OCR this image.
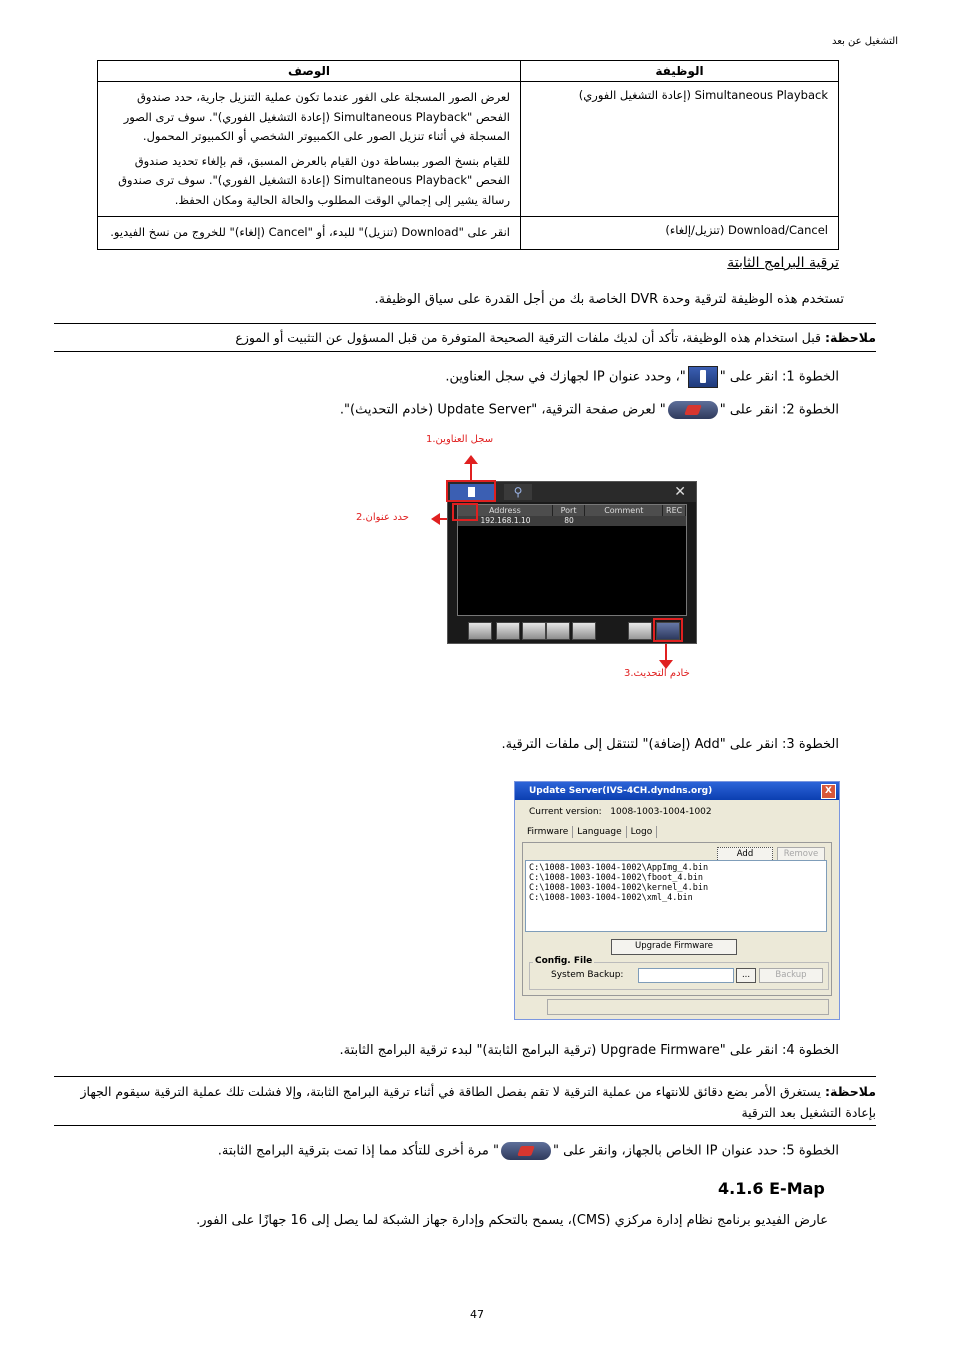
التشغيل عن بعد
الوظيفة	الوصف
Simultaneous Playback (إعادة التشغيل الفوري)	لعرض الصور المسجلة على الفور عندما تكون عملية التنزيل جارية، حدد صندوق الفحص "Simultaneous Playback (إعادة التشغيل الفوري)". سوف ترى الصور المسجلة في أثناء تنزيل الصور على الكمبيوتر الشخصي أو الكمبيوتر المحمول.

للقيام بنسخ الصور ببساطة دون القيام بالعرض المسبق، قم بإلغاء تحديد صندوق الفحص "Simultaneous Playback (إعادة التشغيل الفوري)". سوف ترى صندوق رسالة يشير إلى إجمالي الوقت المطلوب والحالة الحالية ومكان الحفظ.

Download/Cancel (تنزيل/إلغاء)	انقر على "Download (تنزيل)" للبدء، أو "Cancel (إلغاء)" للخروج من نسخ الفيديو.

ترقية البرامج الثابتة
تستخدم هذه الوظيفة لترقية وحدة DVR الخاصة بك من أجل القدرة على سياق الوظيفة.
ملاحظة: قبل استخدام هذه الوظيفة، تأكد أن لديك ملفات الترقية الصحيحة المتوفرة من قبل المسؤول عن التثبيت أو الموزع
الخطوة 1: انقر على ""، وحدد عنوان IP لجهازك في سجل العناوين.
الخطوة 2: انقر على "" لعرض صفحة الترقية، "Update Server (خادم التحديث)".
1.سجل العناوين
2.حدد عنوان
3.خادم التحديث
⚲	✕
Address	Port	Comment	REC
192.168.1.10	80
الخطوة 3: انقر على "Add (إضافة)" لتنتقل إلى ملفات الترقية.
Update Server(IVS-4CH.dyndns.org)	X
Current version: 1008-1003-1004-1002
Firmware	Language	Logo
Add	Remove
C:\1008-1003-1004-1002\AppImg_4.bin
C:\1008-1003-1004-1002\fboot_4.bin
C:\1008-1003-1004-1002\kernel_4.bin
C:\1008-1003-1004-1002\xml_4.bin
Upgrade Firmware
Config. File
System Backup:	...	Backup
الخطوة 4: انقر على "Upgrade Firmware (ترقية البرامج الثابتة)" لبدء ترقية البرامج الثابتة.
ملاحظة: يستغرق الأمر بضع دقائق للانتهاء من عملية الترقية لا تقم بفصل الطاقة في أثناء ترقية البرامج الثابتة، وإلا فشلت تلك عملية الترقية سيقوم الجهاز بإعادة التشغيل بعد الترقية
الخطوة 5: حدد عنوان IP الخاص بالجهاز، وانقر على "" مرة أخرى للتأكد مما إذا تمت بترقية البرامج الثابتة.
4.1.6 E-Map
عارض الفيديو برنامج نظام إدارة مركزي (CMS)، يسمح بالتحكم وإدارة جهاز الشبكة لما يصل إلى 16 جهازًا على الفور.
47
